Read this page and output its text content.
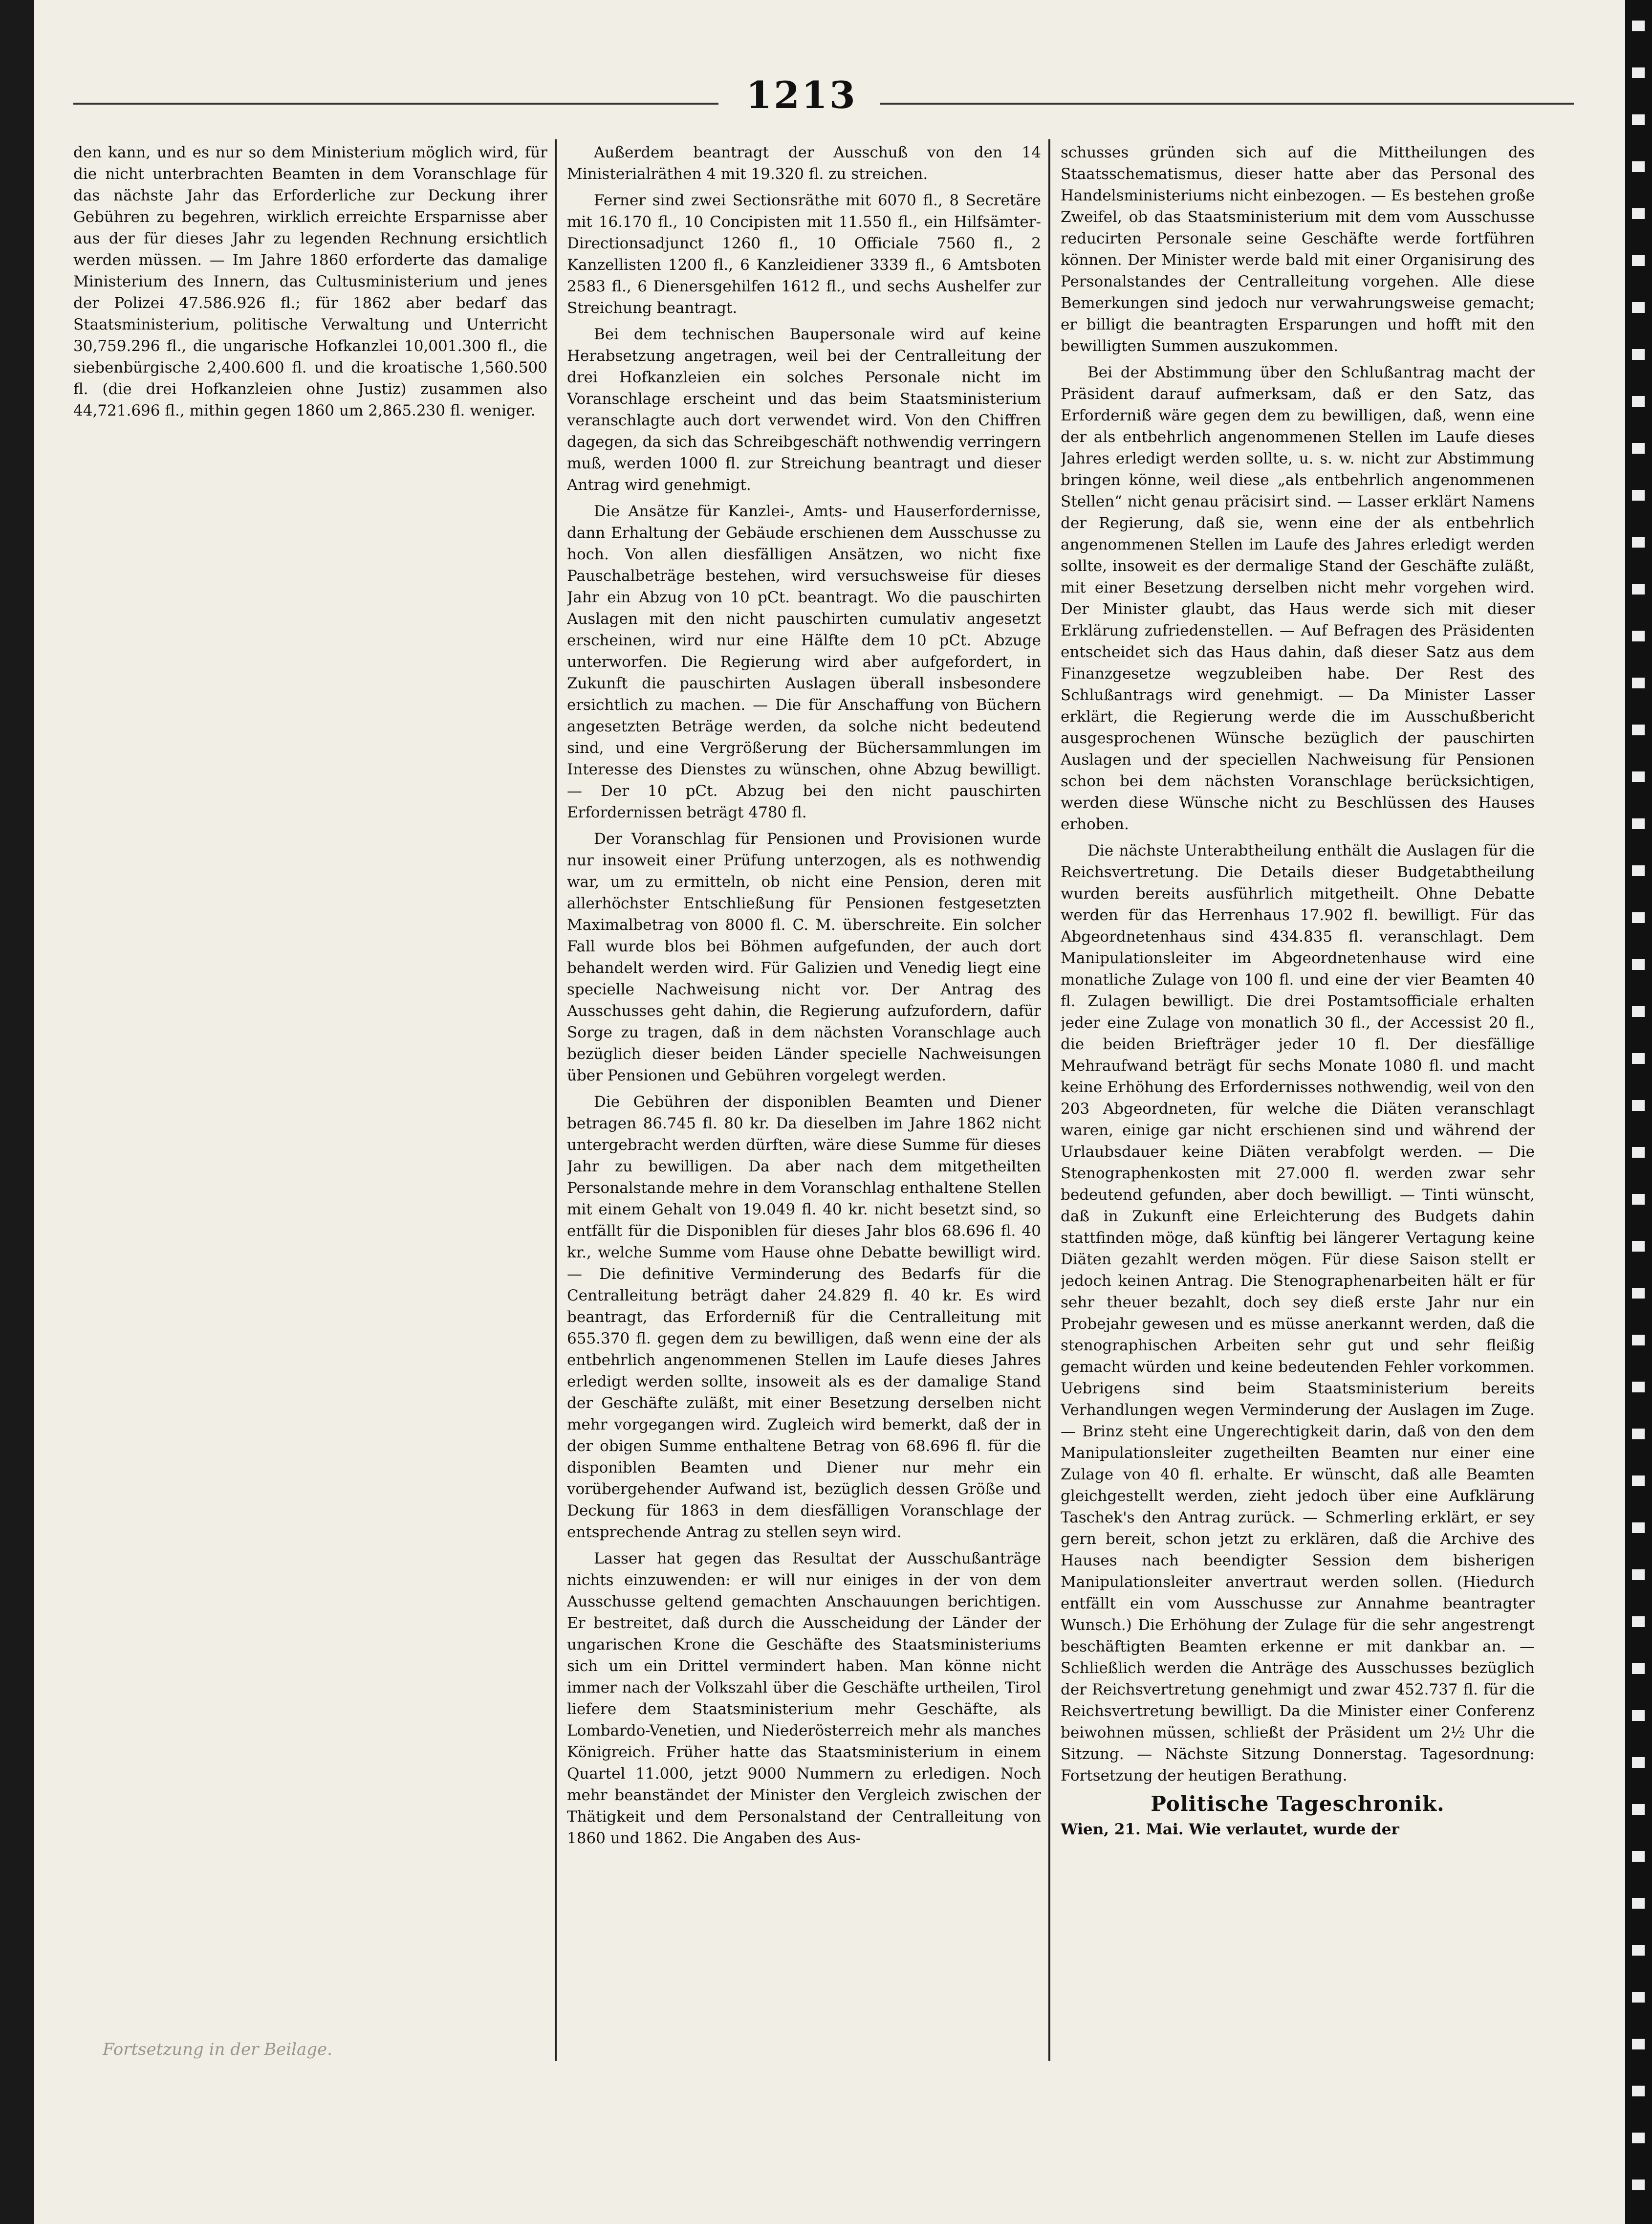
1213

den kann, und es nur so dem Ministerium möglich wird, für die nicht unterbrachten Beamten in dem Voranschlage für das nächste Jahr das Erforderliche zur Deckung ihrer Gebühren zu begehren, wirklich erreichte Ersparnisse aber aus der für dieses Jahr zu legenden Rechnung ersichtlich werden müssen. — Im Jahre 1860 erforderte das damalige Ministerium des Innern, das Cultusministerium und jenes der Polizei 47.586.926 fl.; für 1862 aber bedarf das Staatsministerium, politische Verwaltung und Unterricht 30,759.296 fl., die ungarische Hofkanzlei 10,001.300 fl., die siebenbürgische 2,400.600 fl. und die kroatische 1,560.500 fl. (die drei Hofkanzleien ohne Justiz) zusammen also 44,721.696 fl., mithin gegen 1860 um 2,865.230 fl. weniger.

Außerdem beantragt der Ausschuß von den 14 Ministerialräthen 4 mit 19.320 fl. zu streichen.

Ferner sind zwei Sectionsräthe mit 6070 fl., 8 Secretäre mit 16.170 fl., 10 Concipisten mit 11.550 fl., ein Hilfsämter-Directionsadjunct 1260 fl., 10 Officiale 7560 fl., 2 Kanzellisten 1200 fl., 6 Kanzleidiener 3339 fl., 6 Amtsboten 2583 fl., 6 Dienersgehilfen 1612 fl., und sechs Aushelfer zur Streichung beantragt.

Bei dem technischen Baupersonale wird auf keine Herabsetzung angetragen, weil bei der Centralleitung der drei Hofkanzleien ein solches Personale nicht im Voranschlage erscheint und das beim Staatsministerium veranschlagte auch dort verwendet wird. Von den Chiffren dagegen, da sich das Schreibgeschäft nothwendig verringern muß, werden 1000 fl. zur Streichung beantragt und dieser Antrag wird genehmigt.

Die Ansätze für Kanzlei-, Amts- und Hauserfordernisse, dann Erhaltung der Gebäude erschienen dem Ausschusse zu hoch. Von allen diesfälligen Ansätzen, wo nicht fixe Pauschalbeträge bestehen, wird versuchsweise für dieses Jahr ein Abzug von 10 pCt. beantragt. Wo die pauschirten Auslagen mit den nicht pauschirten cumulativ angesetzt erscheinen, wird nur eine Hälfte dem 10 pCt. Abzuge unterworfen. Die Regierung wird aber aufgefordert, in Zukunft die pauschirten Auslagen überall insbesondere ersichtlich zu machen. — Die für Anschaffung von Büchern angesetzten Beträge werden, da solche nicht bedeutend sind, und eine Vergrößerung der Büchersammlungen im Interesse des Dienstes zu wünschen, ohne Abzug bewilligt. — Der 10 pCt. Abzug bei den nicht pauschirten Erfordernissen beträgt 4780 fl.

Der Voranschlag für Pensionen und Provisionen wurde nur insoweit einer Prüfung unterzogen, als es nothwendig war, um zu ermitteln, ob nicht eine Pension, deren mit allerhöchster Entschließung für Pensionen festgesetzten Maximalbetrag von 8000 fl. C. M. überschreite. Ein solcher Fall wurde blos bei Böhmen aufgefunden, der auch dort behandelt werden wird. Für Galizien und Venedig liegt eine specielle Nachweisung nicht vor. Der Antrag des Ausschusses geht dahin, die Regierung aufzufordern, dafür Sorge zu tragen, daß in dem nächsten Voranschlage auch bezüglich dieser beiden Länder specielle Nachweisungen über Pensionen und Gebühren vorgelegt werden.

Die Gebühren der disponiblen Beamten und Diener betragen 86.745 fl. 80 kr. Da dieselben im Jahre 1862 nicht untergebracht werden dürften, wäre diese Summe für dieses Jahr zu bewilligen. Da aber nach dem mitgetheilten Personalstande mehre in dem Voranschlag enthaltene Stellen mit einem Gehalt von 19.049 fl. 40 kr. nicht besetzt sind, so entfällt für die Disponiblen für dieses Jahr blos 68.696 fl. 40 kr., welche Summe vom Hause ohne Debatte bewilligt wird. — Die definitive Verminderung des Bedarfs für die Centralleitung beträgt daher 24.829 fl. 40 kr. Es wird beantragt, das Erforderniß für die Centralleitung mit 655.370 fl. gegen dem zu bewilligen, daß wenn eine der als entbehrlich angenommenen Stellen im Laufe dieses Jahres erledigt werden sollte, insoweit als es der damalige Stand der Geschäfte zuläßt, mit einer Besetzung derselben nicht mehr vorgegangen wird. Zugleich wird bemerkt, daß der in der obigen Summe enthaltene Betrag von 68.696 fl. für die disponiblen Beamten und Diener nur mehr ein vorübergehender Aufwand ist, bezüglich dessen Größe und Deckung für 1863 in dem diesfälligen Voranschlage der entsprechende Antrag zu stellen seyn wird.

Lasser hat gegen das Resultat der Ausschußanträge nichts einzuwenden: er will nur einiges in der von dem Ausschusse geltend gemachten Anschauungen berichtigen. Er bestreitet, daß durch die Ausscheidung der Länder der ungarischen Krone die Geschäfte des Staatsministeriums sich um ein Drittel vermindert haben. Man könne nicht immer nach der Volkszahl über die Geschäfte urtheilen, Tirol liefere dem Staatsministerium mehr Geschäfte, als Lombardo-Venetien, und Niederösterreich mehr als manches Königreich. Früher hatte das Staatsministerium in einem Quartel 11.000, jetzt 9000 Nummern zu erledigen. Noch mehr beanständet der Minister den Vergleich zwischen der Thätigkeit und dem Personalstand der Centralleitung von 1860 und 1862. Die Angaben des Aus-

schusses gründen sich auf die Mittheilungen des Staatsschematismus, dieser hatte aber das Personal des Handelsministeriums nicht einbezogen. — Es bestehen große Zweifel, ob das Staatsministerium mit dem vom Ausschusse reducirten Personale seine Geschäfte werde fortführen können. Der Minister werde bald mit einer Organisirung des Personalstandes der Centralleitung vorgehen. Alle diese Bemerkungen sind jedoch nur verwahrungsweise gemacht; er billigt die beantragten Ersparungen und hofft mit den bewilligten Summen auszukommen.

Bei der Abstimmung über den Schlußantrag macht der Präsident darauf aufmerksam, daß er den Satz, das Erforderniß wäre gegen dem zu bewilligen, daß, wenn eine der als entbehrlich angenommenen Stellen im Laufe dieses Jahres erledigt werden sollte, u. s. w. nicht zur Abstimmung bringen könne, weil diese „als entbehrlich angenommenen Stellen“ nicht genau präcisirt sind. — Lasser erklärt Namens der Regierung, daß sie, wenn eine der als entbehrlich angenommenen Stellen im Laufe des Jahres erledigt werden sollte, insoweit es der dermalige Stand der Geschäfte zuläßt, mit einer Besetzung derselben nicht mehr vorgehen wird. Der Minister glaubt, das Haus werde sich mit dieser Erklärung zufriedenstellen. — Auf Befragen des Präsidenten entscheidet sich das Haus dahin, daß dieser Satz aus dem Finanzgesetze wegzubleiben habe. Der Rest des Schlußantrags wird genehmigt. — Da Minister Lasser erklärt, die Regierung werde die im Ausschußbericht ausgesprochenen Wünsche bezüglich der pauschirten Auslagen und der speciellen Nachweisung für Pensionen schon bei dem nächsten Voranschlage berücksichtigen, werden diese Wünsche nicht zu Beschlüssen des Hauses erhoben.

Die nächste Unterabtheilung enthält die Auslagen für die Reichsvertretung. Die Details dieser Budgetabtheilung wurden bereits ausführlich mitgetheilt. Ohne Debatte werden für das Herrenhaus 17.902 fl. bewilligt. Für das Abgeordnetenhaus sind 434.835 fl. veranschlagt. Dem Manipulationsleiter im Abgeordnetenhause wird eine monatliche Zulage von 100 fl. und eine der vier Beamten 40 fl. Zulagen bewilligt. Die drei Postamtsofficiale erhalten jeder eine Zulage von monatlich 30 fl., der Accessist 20 fl., die beiden Briefträger jeder 10 fl. Der diesfällige Mehraufwand beträgt für sechs Monate 1080 fl. und macht keine Erhöhung des Erfordernisses nothwendig, weil von den 203 Abgeordneten, für welche die Diäten veranschlagt waren, einige gar nicht erschienen sind und während der Urlaubsdauer keine Diäten verabfolgt werden. — Die Stenographenkosten mit 27.000 fl. werden zwar sehr bedeutend gefunden, aber doch bewilligt. — Tinti wünscht, daß in Zukunft eine Erleichterung des Budgets dahin stattfinden möge, daß künftig bei längerer Vertagung keine Diäten gezahlt werden mögen. Für diese Saison stellt er jedoch keinen Antrag. Die Stenographenarbeiten hält er für sehr theuer bezahlt, doch sey dieß erste Jahr nur ein Probejahr gewesen und es müsse anerkannt werden, daß die stenographischen Arbeiten sehr gut und sehr fleißig gemacht würden und keine bedeutenden Fehler vorkommen. Uebrigens sind beim Staatsministerium bereits Verhandlungen wegen Verminderung der Auslagen im Zuge. — Brinz steht eine Ungerechtigkeit darin, daß von den dem Manipulationsleiter zugetheilten Beamten nur einer eine Zulage von 40 fl. erhalte. Er wünscht, daß alle Beamten gleichgestellt werden, zieht jedoch über eine Aufklärung Taschek's den Antrag zurück. — Schmerling erklärt, er sey gern bereit, schon jetzt zu erklären, daß die Archive des Hauses nach beendigter Session dem bisherigen Manipulationsleiter anvertraut werden sollen. (Hiedurch entfällt ein vom Ausschusse zur Annahme beantragter Wunsch.) Die Erhöhung der Zulage für die sehr angestrengt beschäftigten Beamten erkenne er mit dankbar an. — Schließlich werden die Anträge des Ausschusses bezüglich der Reichsvertretung genehmigt und zwar 452.737 fl. für die Reichsvertretung bewilligt. Da die Minister einer Conferenz beiwohnen müssen, schließt der Präsident um 2½ Uhr die Sitzung. — Nächste Sitzung Donnerstag. Tagesordnung: Fortsetzung der heutigen Berathung.

Politische Tageschronik.

Wien, 21. Mai. Wie verlautet, wurde der

Fortsetzung in der Beilage.
